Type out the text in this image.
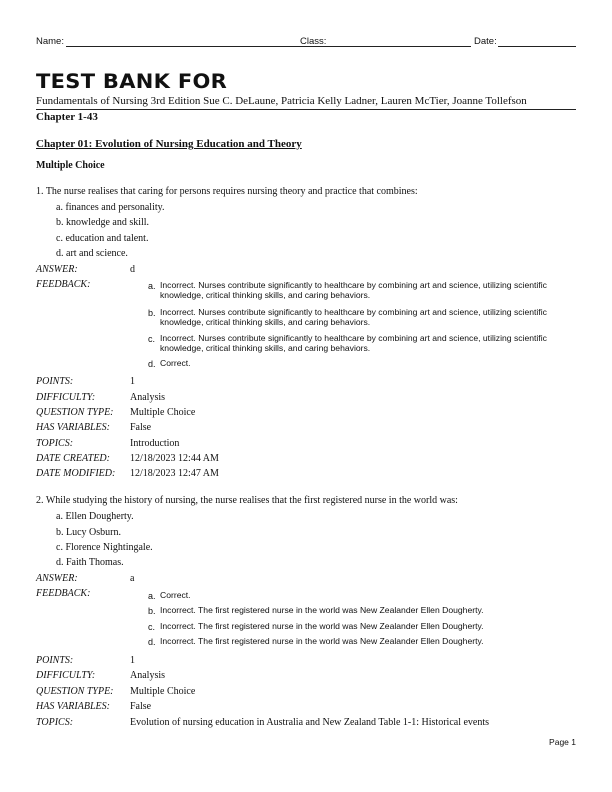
Name:	Class:	Date:
TEST BANK FOR
Fundamentals of Nursing 3rd Edition Sue C. DeLaune, Patricia Kelly Ladner, Lauren McTier, Joanne Tollefson
Chapter 1-43
Chapter 01: Evolution of Nursing Education and Theory
Multiple Choice
1. The nurse realises that caring for persons requires nursing theory and practice that combines:
a. finances and personality.
b. knowledge and skill.
c. education and talent.
d. art and science.
ANSWER:	d
FEEDBACK:	a. Incorrect. Nurses contribute significantly to healthcare by combining art and science, utilizing scientific knowledge, critical thinking skills, and caring behaviors.
b. Incorrect. Nurses contribute significantly to healthcare by combining art and science, utilizing scientific knowledge, critical thinking skills, and caring behaviors.
c. Incorrect. Nurses contribute significantly to healthcare by combining art and science, utilizing scientific knowledge, critical thinking skills, and caring behaviors.
d. Correct.
POINTS:	1
DIFFICULTY:	Analysis
QUESTION TYPE: Multiple Choice
HAS VARIABLES: False
TOPICS:	Introduction
DATE CREATED: 12/18/2023 12:44 AM
DATE MODIFIED: 12/18/2023 12:47 AM
2. While studying the history of nursing, the nurse realises that the first registered nurse in the world was:
a. Ellen Dougherty.
b. Lucy Osburn.
c. Florence Nightingale.
d. Faith Thomas.
ANSWER:	a
FEEDBACK:	a. Correct.
b. Incorrect. The first registered nurse in the world was New Zealander Ellen Dougherty.
c. Incorrect. The first registered nurse in the world was New Zealander Ellen Dougherty.
d. Incorrect. The first registered nurse in the world was New Zealander Ellen Dougherty.
POINTS:	1
DIFFICULTY:	Analysis
QUESTION TYPE: Multiple Choice
HAS VARIABLES: False
TOPICS:	Evolution of nursing education in Australia and New Zealand Table 1-1: Historical events
Page 1
